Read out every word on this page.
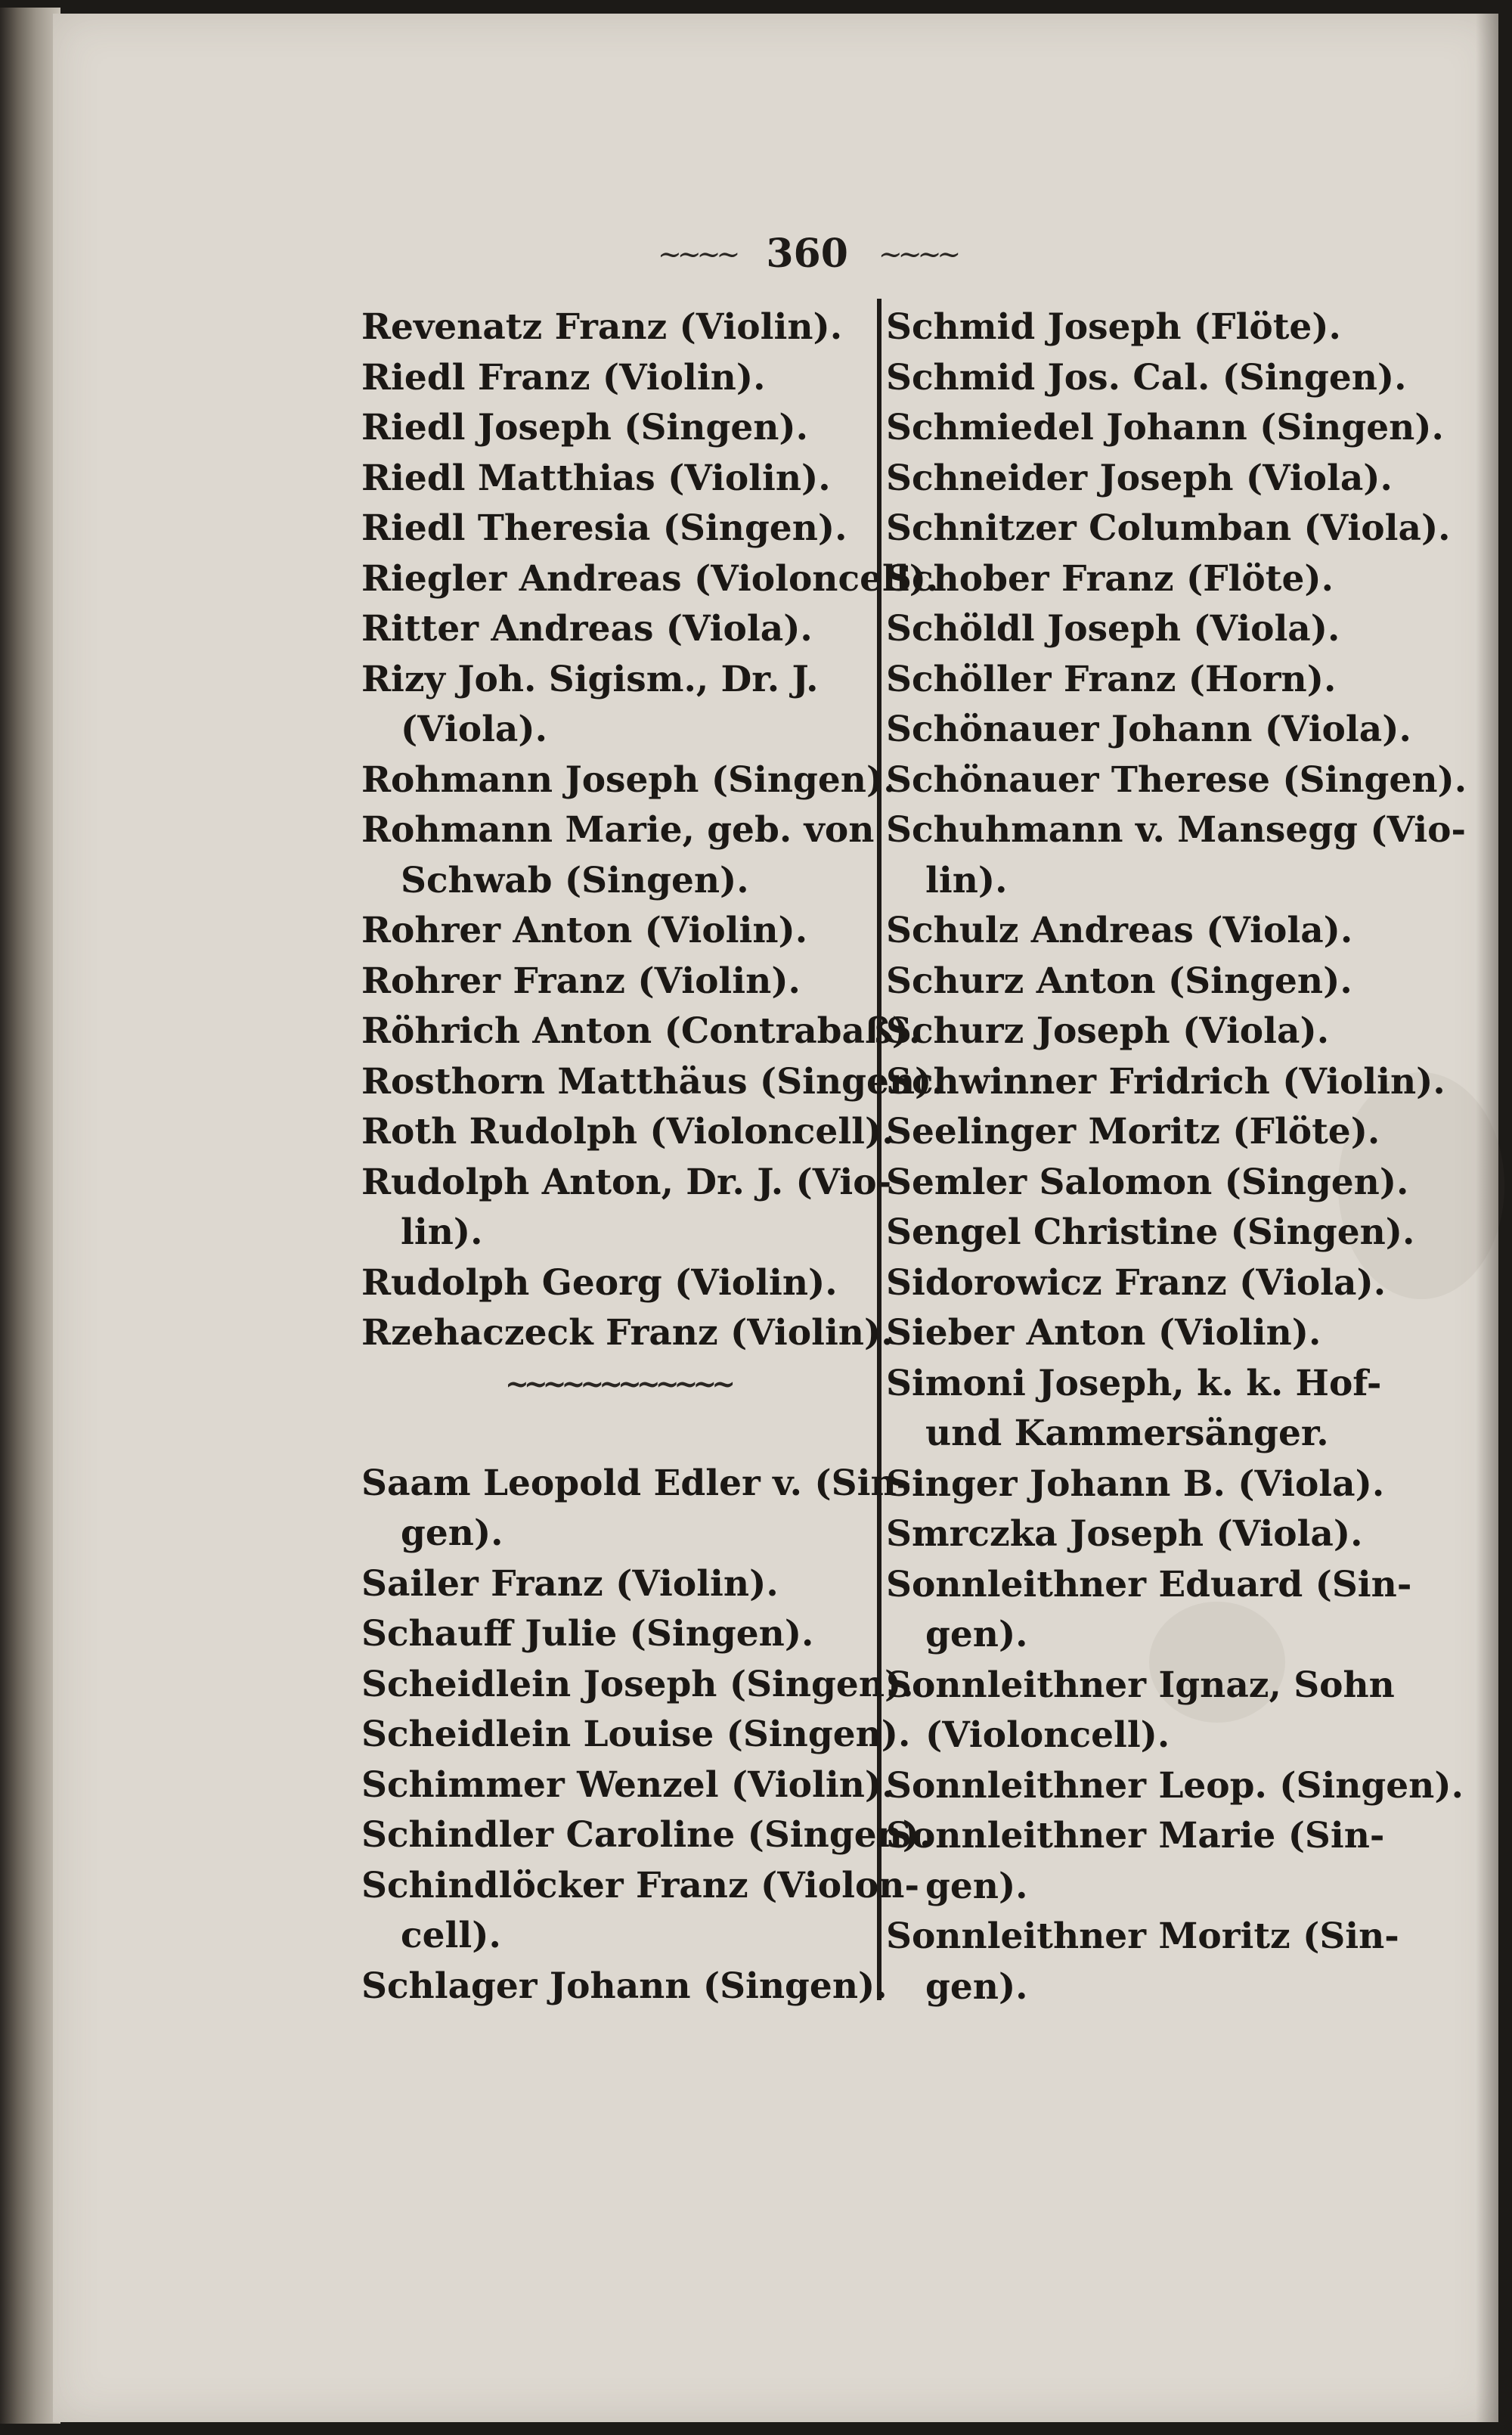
~~~~ 360 ~~~~

Revenatz Franz (Violin).

Riedl Franz (Violin).

Riedl Joseph (Singen).

Riedl Matthias (Violin).

Riedl Theresia (Singen).

Riegler Andreas (Violoncell).

Ritter Andreas (Viola).

Rizy Joh. Sigism., Dr. J.
(Viola).

Rohmann Joseph (Singen).

Rohmann Marie, geb. von
Schwab (Singen).

Rohrer Anton (Violin).

Rohrer Franz (Violin).

Röhrich Anton (Contrabaß).

Rosthorn Matthäus (Singen).

Roth Rudolph (Violoncell).

Rudolph Anton, Dr. J. (Vio-
lin).

Rudolph Georg (Violin).

Rzehaczeck Franz (Violin).

~~~~~~~~~~~~

Saam Leopold Edler v. (Sin-
gen).

Sailer Franz (Violin).

Schauff Julie (Singen).

Scheidlein Joseph (Singen).

Scheidlein Louise (Singen).

Schimmer Wenzel (Violin).

Schindler Caroline (Singen).

Schindlöcker Franz (Violon-
cell).

Schlager Johann (Singen).

Schmid Joseph (Flöte).

Schmid Jos. Cal. (Singen).

Schmiedel Johann (Singen).

Schneider Joseph (Viola).

Schnitzer Columban (Viola).

Schober Franz (Flöte).

Schöldl Joseph (Viola).

Schöller Franz (Horn).

Schönauer Johann (Viola).

Schönauer Therese (Singen).

Schuhmann v. Mansegg (Vio-
lin).

Schulz Andreas (Viola).

Schurz Anton (Singen).

Schurz Joseph (Viola).

Schwinner Fridrich (Violin).

Seelinger Moritz (Flöte).

Semler Salomon (Singen).

Sengel Christine (Singen).

Sidorowicz Franz (Viola).

Sieber Anton (Violin).

Simoni Joseph, k. k. Hof-
und Kammersänger.

Singer Johann B. (Viola).

Smrczka Joseph (Viola).

Sonnleithner Eduard (Sin-
gen).

Sonnleithner Ignaz, Sohn
(Violoncell).

Sonnleithner Leop. (Singen).

Sonnleithner Marie (Sin-
gen).

Sonnleithner Moritz (Sin-
gen).
